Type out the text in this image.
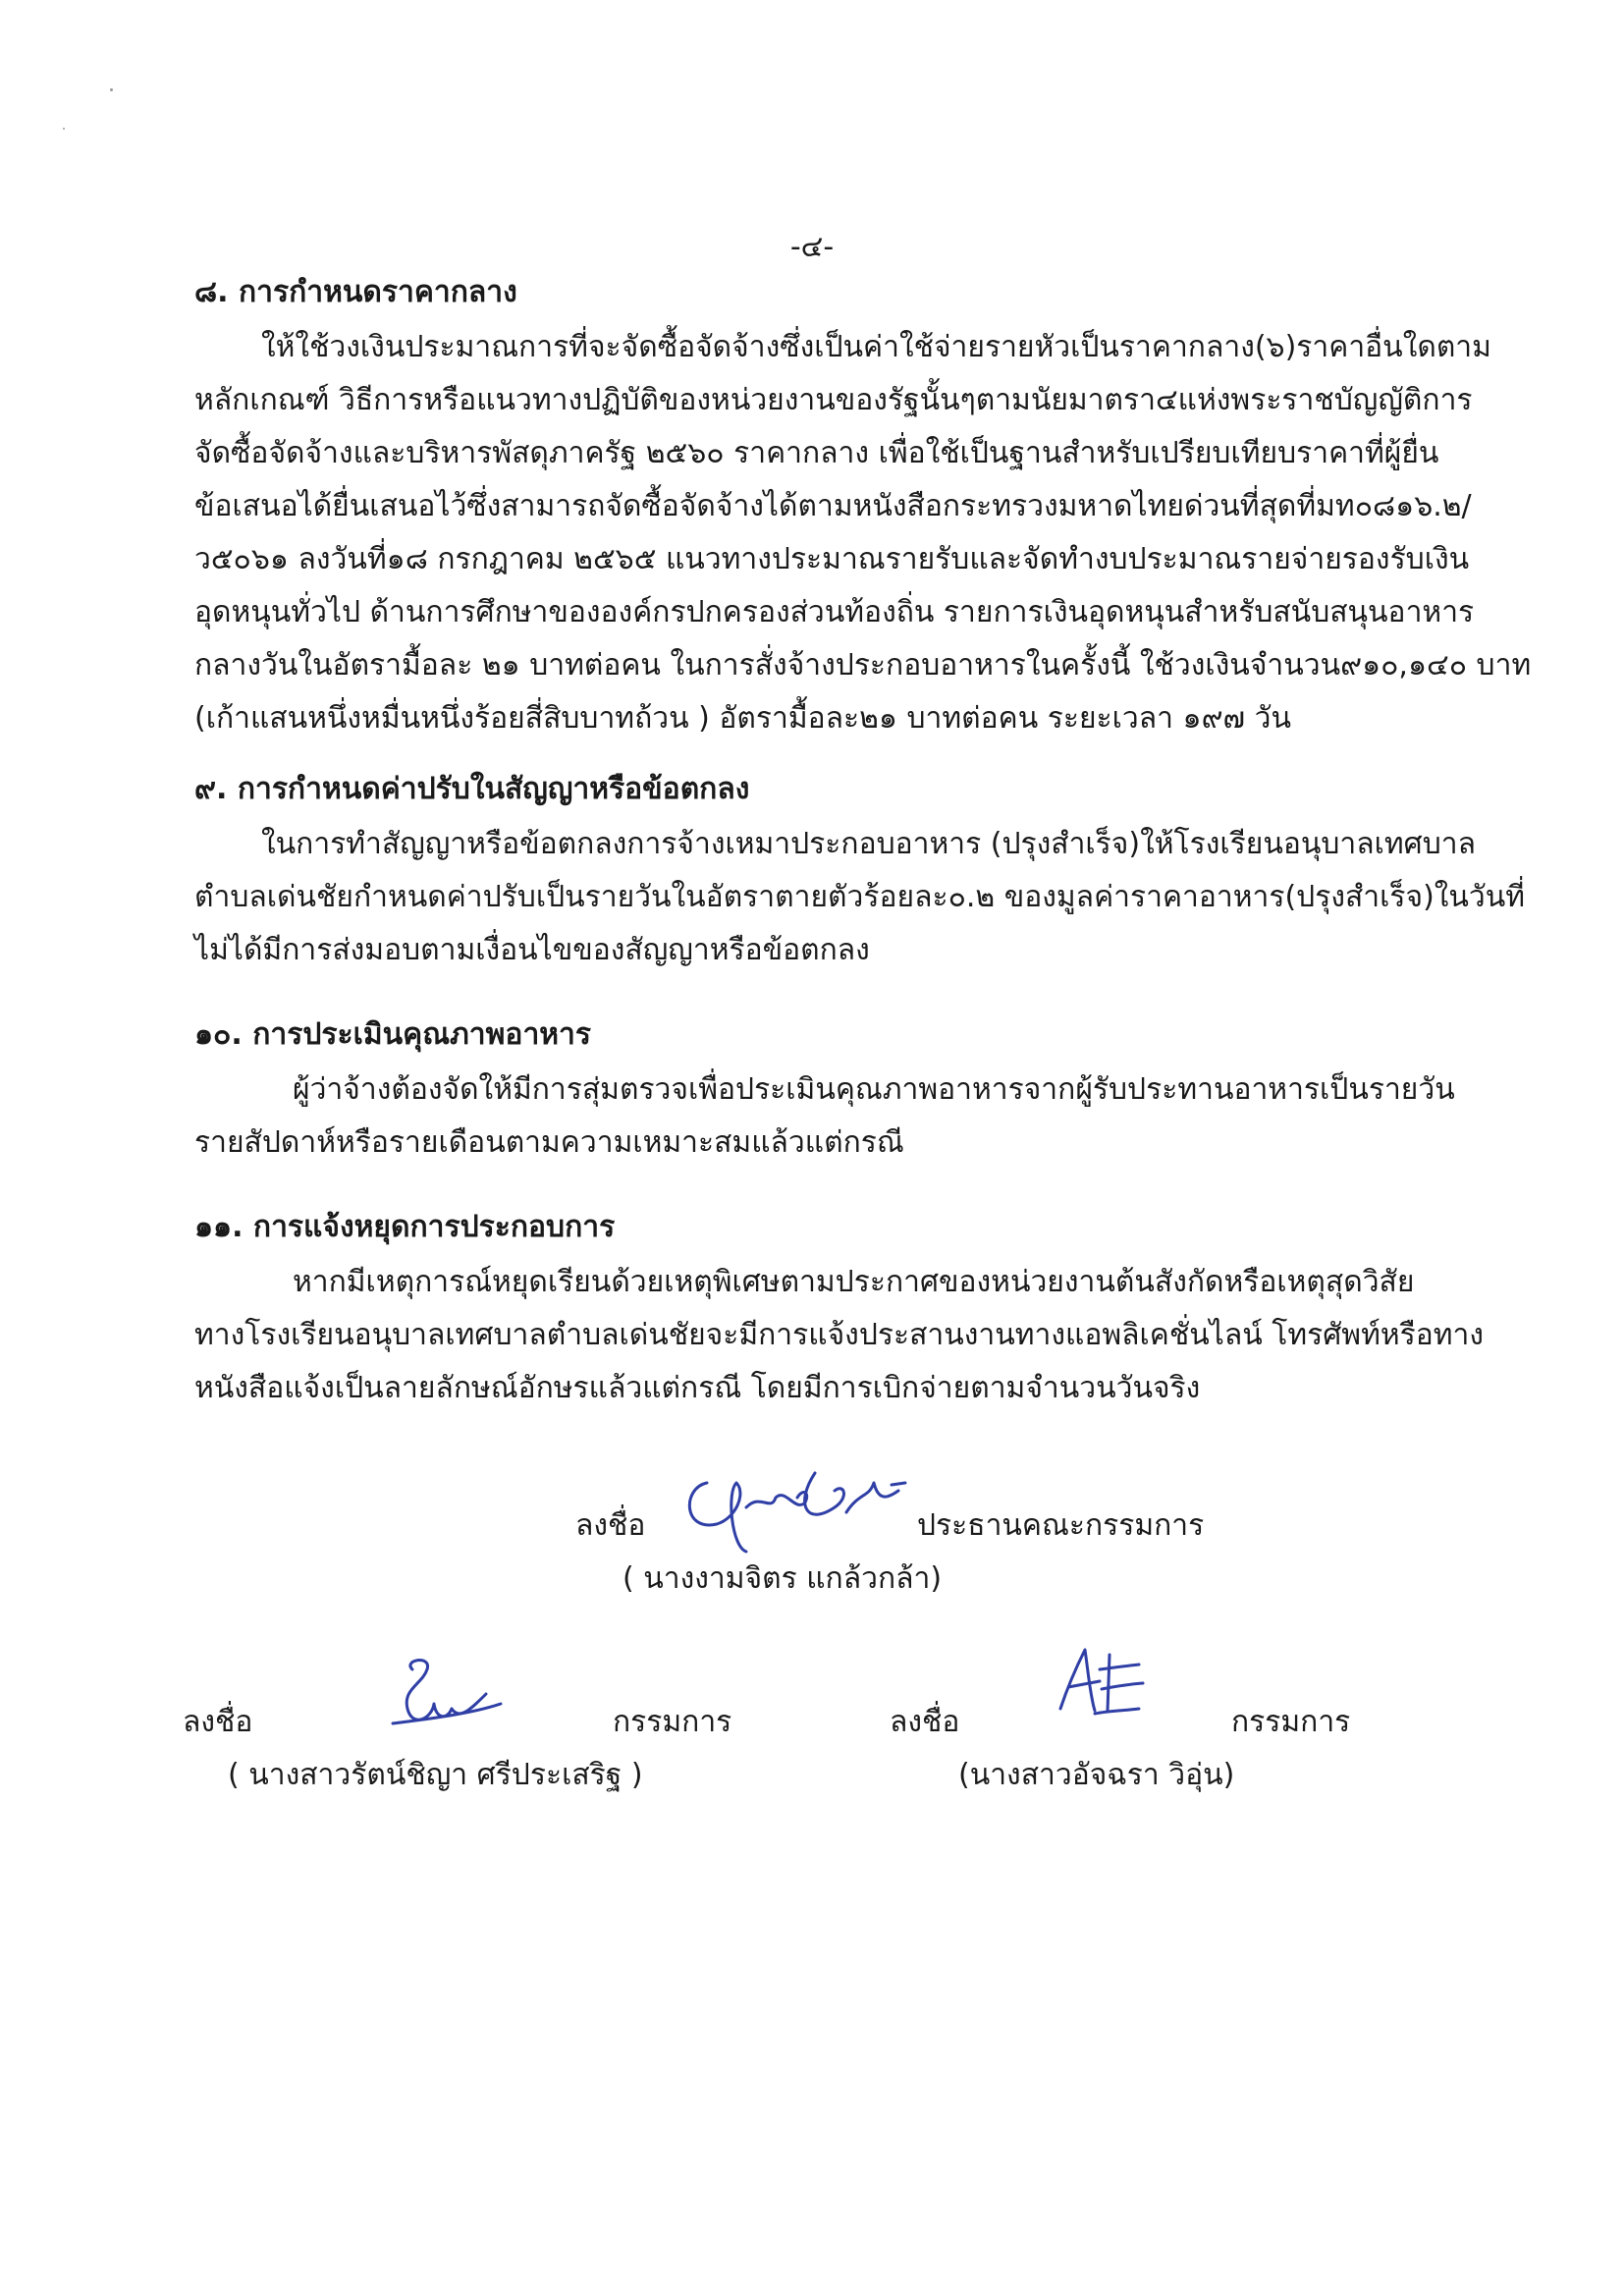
-๔-
๘. การกำหนดราคากลาง
ให้ใช้วงเงินประมาณการที่จะจัดซื้อจัดจ้างซึ่งเป็นค่าใช้จ่ายรายหัวเป็นราคากลาง(๖)ราคาอื่นใดตาม
หลักเกณฑ์ วิธีการหรือแนวทางปฏิบัติของหน่วยงานของรัฐนั้นๆตามนัยมาตรา๔แห่งพระราชบัญญัติการ
จัดซื้อจัดจ้างและบริหารพัสดุภาครัฐ ๒๕๖๐ ราคากลาง เพื่อใช้เป็นฐานสำหรับเปรียบเทียบราคาที่ผู้ยื่น
ข้อเสนอได้ยื่นเสนอไว้ซึ่งสามารถจัดซื้อจัดจ้างได้ตามหนังสือกระทรวงมหาดไทยด่วนที่สุดที่มท๐๘๑๖.๒/
ว๕๐๖๑ ลงวันที่๑๘ กรกฎาคม ๒๕๖๕ แนวทางประมาณรายรับและจัดทำงบประมาณรายจ่ายรองรับเงิน
อุดหนุนทั่วไป ด้านการศึกษาขององค์กรปกครองส่วนท้องถิ่น รายการเงินอุดหนุนสำหรับสนับสนุนอาหาร
กลางวันในอัตรามื้อละ ๒๑ บาทต่อคน ในการสั่งจ้างประกอบอาหารในครั้งนี้ ใช้วงเงินจำนวน๙๑๐,๑๔๐ บาท
(เก้าแสนหนึ่งหมื่นหนึ่งร้อยสี่สิบบาทถ้วน ) อัตรามื้อละ๒๑ บาทต่อคน ระยะเวลา ๑๙๗ วัน
๙. การกำหนดค่าปรับในสัญญาหรือข้อตกลง
ในการทำสัญญาหรือข้อตกลงการจ้างเหมาประกอบอาหาร (ปรุงสำเร็จ)ให้โรงเรียนอนุบาลเทศบาล
ตำบลเด่นชัยกำหนดค่าปรับเป็นรายวันในอัตราตายตัวร้อยละ๐.๒ ของมูลค่าราคาอาหาร(ปรุงสำเร็จ)ในวันที่
ไม่ได้มีการส่งมอบตามเงื่อนไขของสัญญาหรือข้อตกลง
๑๐. การประเมินคุณภาพอาหาร
ผู้ว่าจ้างต้องจัดให้มีการสุ่มตรวจเพื่อประเมินคุณภาพอาหารจากผู้รับประทานอาหารเป็นรายวัน
รายสัปดาห์หรือรายเดือนตามความเหมาะสมแล้วแต่กรณี
๑๑. การแจ้งหยุดการประกอบการ
หากมีเหตุการณ์หยุดเรียนด้วยเหตุพิเศษตามประกาศของหน่วยงานต้นสังกัดหรือเหตุสุดวิสัย
ทางโรงเรียนอนุบาลเทศบาลตำบลเด่นชัยจะมีการแจ้งประสานงานทางแอพลิเคชั่นไลน์ โทรศัพท์หรือทาง
หนังสือแจ้งเป็นลายลักษณ์อักษรแล้วแต่กรณี โดยมีการเบิกจ่ายตามจำนวนวันจริง
ลงชื่อ	ประธานคณะกรรมการ
( นางงามจิตร แกล้วกล้า)
ลงชื่อ	กรรมการ
( นางสาวรัตน์ชิญา ศรีประเสริฐ )
ลงชื่อ	กรรมการ
(นางสาวอัจฉรา วิอุ่น)
